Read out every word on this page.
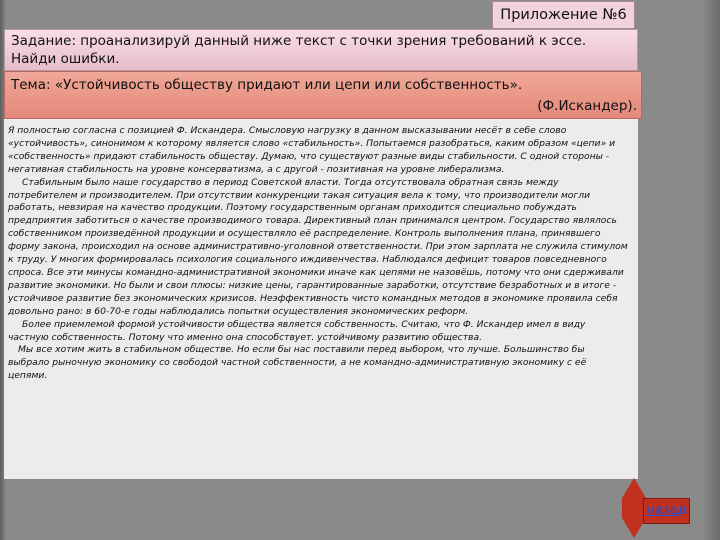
Приложение №6
Задание: проанализируй данный ниже текст с точки зрения требований к эссе. Найди ошибки.
Тема: «Устойчивость обществу придают или цепи или собственность».
(Ф.Искандер).

Я полностью согласна с позицией Ф. Искандера. Смысловую нагрузку в данном высказывании несёт в себе слово «устойчивость», синонимом к которому является слово «стабильность». Попытаемся разобраться, каким образом «цепи» и «собственность» придают стабильность обществу. Думаю, что существуют разные виды стабильности. С одной стороны - негативная стабильность на уровне консерватизма, а с другой - позитивная на уровне либерализма.

Стабильным было наше государство в период Советской власти. Тогда отсутствовала обратная связь между потребителем и производителем. При отсутствии конкуренции такая ситуация вела к тому, что производители могли работать, невзирая на качество продукции. Поэтому государственным органам приходится специально побуждать предприятия заботиться о качестве производимого товара. Директивный план принимался центром. Государство являлось собственником произведённой продукции и осуществляло её распределение. Контроль выполнения плана, принявшего форму закона, происходил на основе административно-уголовной ответственности. При этом зарплата не служила стимулом к труду. У многих формировалась психология социального иждивенчества. Наблюдался дефицит товаров повседневного спроса. Все эти минусы командно-административной экономики иначе как цепями не назовёшь, потому что они сдерживали развитие экономики. Но были и свои плюсы: низкие цены, гарантированные заработки, отсутствие безработных и в итоге - устойчивое развитие без экономических кризисов. Неэффективность чисто командных методов в экономике проявила себя довольно рано: в 60-70-е годы наблюдались попытки осуществления экономических реформ.

Более приемлемой формой устойчивости общества является собственность. Считаю, что Ф. Искандер имел в виду частную собственность. Потому что именно она способствует. устойчивому развитию общества.

Мы все хотим жить в стабильном обществе. Но если бы нас поставили перед выбором, что лучше. Большинство бы выбрало рыночную экономику со свободой частной собственности, а не командно-административную экономику с её цепями.

назад
